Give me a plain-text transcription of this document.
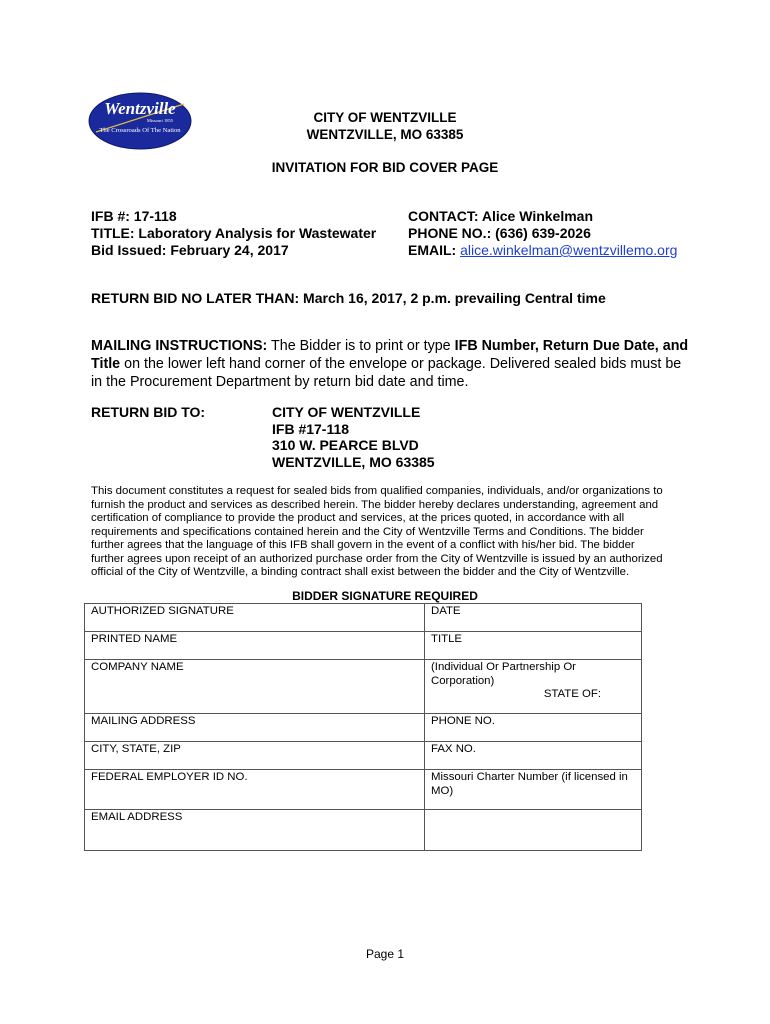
Wentzville
Missouri 1855
The Crossroads Of The Nation
CITY OF WENTZVILLE
WENTZVILLE, MO 63385
INVITATION FOR BID COVER PAGE
IFB #: 17-118
TITLE: Laboratory Analysis for Wastewater
Bid Issued: February 24, 2017
CONTACT: Alice Winkelman
PHONE NO.: (636) 639-2026
EMAIL: alice.winkelman@wentzvillemo.org
RETURN BID NO LATER THAN: March 16, 2017, 2 p.m. prevailing Central time
MAILING INSTRUCTIONS: The Bidder is to print or type IFB Number, Return Due Date, and Title on the lower left hand corner of the envelope or package. Delivered sealed bids must be in the Procurement Department by return bid date and time.
RETURN BID TO:	CITY OF WENTZVILLE
IFB #17-118
310 W. PEARCE BLVD
WENTZVILLE, MO 63385
This document constitutes a request for sealed bids from qualified companies, individuals, and/or organizations to furnish the product and services as described herein. The bidder hereby declares understanding, agreement and certification of compliance to provide the product and services, at the prices quoted, in accordance with all requirements and specifications contained herein and the City of Wentzville Terms and Conditions. The bidder further agrees that the language of this IFB shall govern in the event of a conflict with his/her bid. The bidder further agrees upon receipt of an authorized purchase order from the City of Wentzville is issued by an authorized official of the City of Wentzville, a binding contract shall exist between the bidder and the City of Wentzville.
BIDDER SIGNATURE REQUIRED
AUTHORIZED SIGNATURE	DATE
PRINTED NAME	TITLE
COMPANY NAME	(Individual Or Partnership Or Corporation)
STATE OF:

MAILING ADDRESS	PHONE NO.
CITY, STATE, ZIP	FAX NO.
FEDERAL EMPLOYER ID NO.	Missouri Charter Number (if licensed in MO)
EMAIL ADDRESS	
Page 1
